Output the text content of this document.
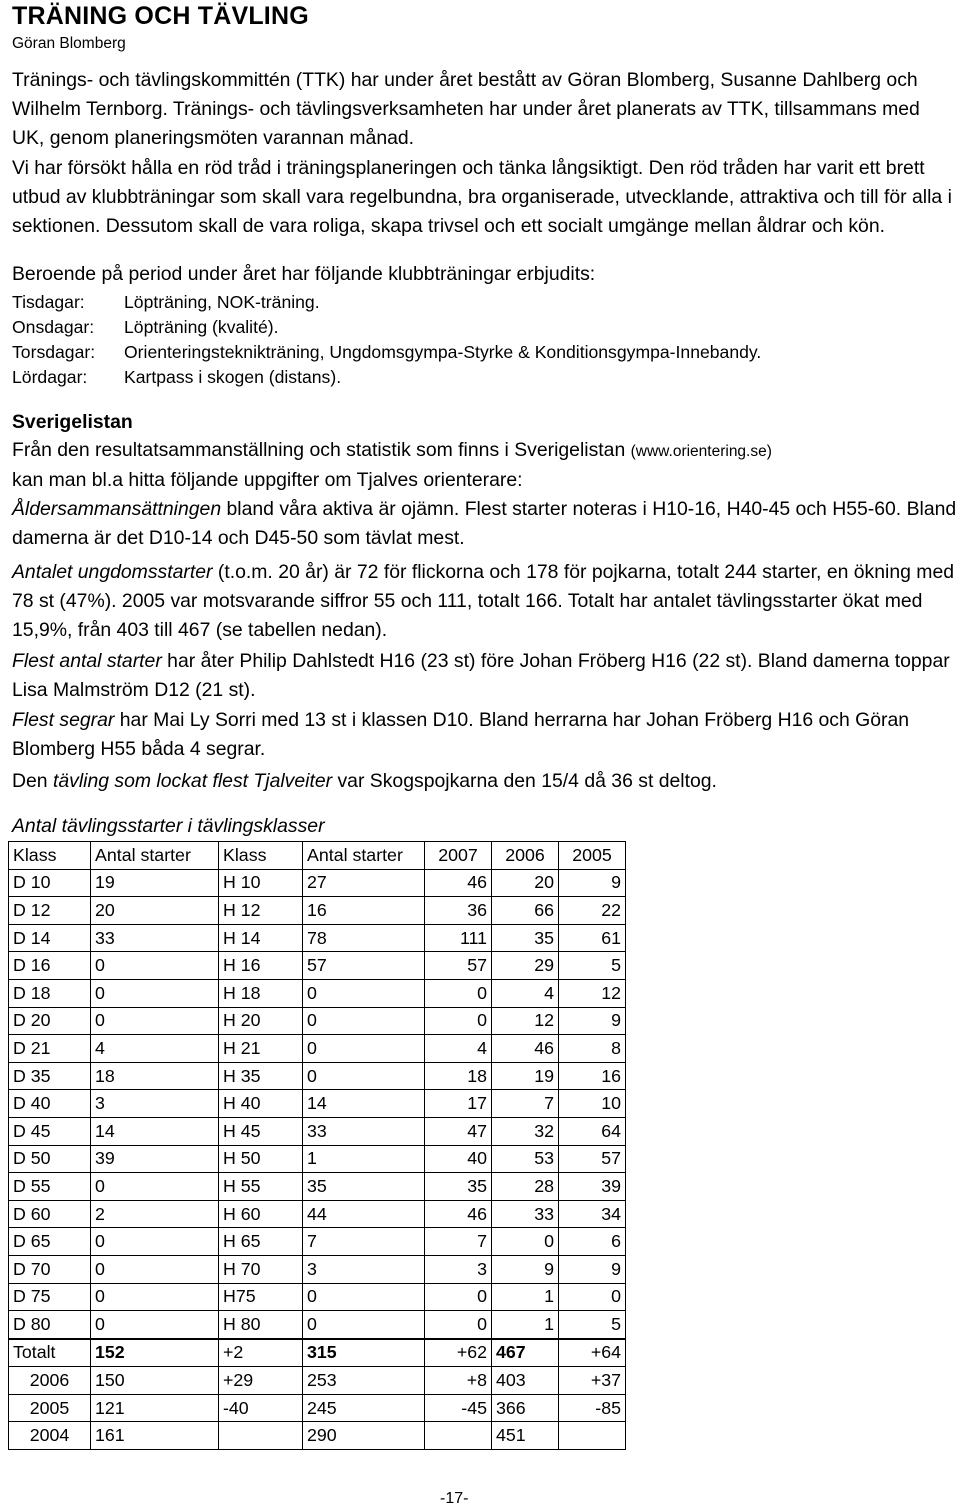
TRÄNING OCH TÄVLING
Göran Blomberg

Tränings- och tävlingskommittén (TTK) har under året bestått av Göran Blomberg, Susanne Dahlberg och Wilhelm Ternborg. Tränings- och tävlingsverksamheten har under året planerats av TTK, tillsammans med UK, genom planeringsmöten varannan månad.

Vi har försökt hålla en röd tråd i träningsplaneringen och tänka långsiktigt. Den röd tråden har varit ett brett utbud av klubbträningar som skall vara regelbundna, bra organiserade, utvecklande, attraktiva och till för alla i sektionen. Dessutom skall de vara roliga, skapa trivsel och ett socialt umgänge mellan åldrar och kön.

Beroende på period under året har följande klubbträningar erbjudits:
Tisdagar: Löpträning, NOK-träning.
Onsdagar: Löpträning (kvalité).
Torsdagar: Orienteringsteknikträning, Ungdomsgympa-Styrke & Konditionsgympa-Innebandy.
Lördagar: Kartpass i skogen (distans).
Sverigelistan

Från den resultatsammanställning och statistik som finns i Sverigelistan (www.orientering.se)
kan man bl.a hitta följande uppgifter om Tjalves orienterare:

Åldersammansättningen bland våra aktiva är ojämn. Flest starter noteras i H10-16, H40-45 och H55-60. Bland damerna är det D10-14 och D45-50 som tävlat mest.

Antalet ungdomsstarter (t.o.m. 20 år) är 72 för flickorna och 178 för pojkarna, totalt 244 starter, en ökning med 78 st (47%). 2005 var motsvarande siffror 55 och 111, totalt 166. Totalt har antalet tävlingsstarter ökat med 15,9%, från 403 till 467 (se tabellen nedan).

Flest antal starter har åter Philip Dahlstedt H16 (23 st) före Johan Fröberg H16 (22 st). Bland damerna toppar Lisa Malmström D12 (21 st).

Flest segrar har Mai Ly Sorri med 13 st i klassen D10. Bland herrarna har Johan Fröberg H16 och Göran Blomberg H55 båda 4 segrar.

Den tävling som lockat flest Tjalveiter var Skogspojkarna den 15/4 då 36 st deltog.

Antal tävlingsstarter i tävlingsklasser
Klass	Antal starter	Klass	Antal starter	2007	2006	2005
D 10	19	H 10	27	46	20	9
D 12	20	H 12	16	36	66	22
D 14	33	H 14	78	111	35	61
D 16	0	H 16	57	57	29	5
D 18	0	H 18	0	0	4	12
D 20	0	H 20	0	0	12	9
D 21	4	H 21	0	4	46	8
D 35	18	H 35	0	18	19	16
D 40	3	H 40	14	17	7	10
D 45	14	H 45	33	47	32	64
D 50	39	H 50	1	40	53	57
D 55	0	H 55	35	35	28	39
D 60	2	H 60	44	46	33	34
D 65	0	H 65	7	7	0	6
D 70	0	H 70	3	3	9	9
D 75	0	H75	0	0	1	0
D 80	0	H 80	0	0	1	5
Totalt	152	+2	315	+62	467	+64
2006	150	+29	253	+8	403	+37
2005	121	-40	245	-45	366	-85
2004	161		290		451	
-17-
